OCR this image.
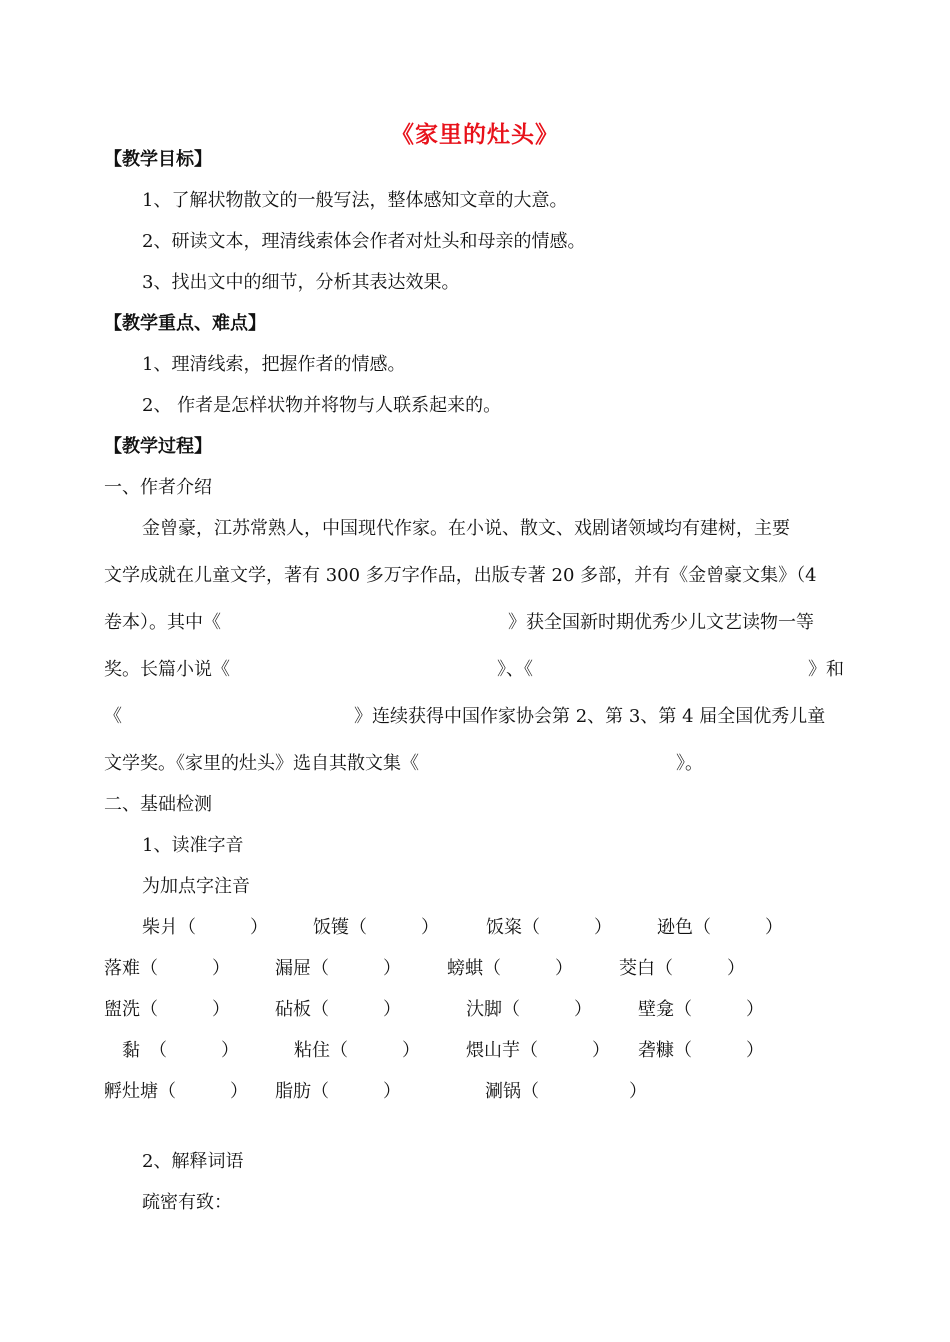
《家里的灶头》
【教学目标】
1、了解状物散文的一般写法，整体感知文章的大意。
2、研读文本，理清线索体会作者对灶头和母亲的情感。
3、找出文中的细节，分析其表达效果。
【教学重点、难点】
1、理清线索，把握作者的情感。
2、 作者是怎样状物并将物与人联系起来的。
【教学过程】
一、作者介绍
金曾豪，江苏常熟人，中国现代作家。在小说、散文、戏剧诸领域均有建树，主要
文学成就在儿童文学，著有 300 多万字作品，出版专著 20 多部，并有《金曾豪文集》（4
卷本）。其中《	》获全国新时期优秀少儿文艺读物一等
奖。长篇小说《	》、《	》和
《	》连续获得中国作家协会第 2、第 3、第 4 届全国优秀儿童
文学奖。《家里的灶头》选自其散文集《	》。
二、基础检测
1、读准字音
为加点字注音
柴爿（　　　）	饭镬（　　　）	饭粢（　　　）	逊色（　　　）
落难（　　　）	漏屉（　　　）	螃蜞（　　　）	茭白（　　　）
盥洗（　　　）	砧板（　　　）	汏脚（　　　）	壁龛（　　　）
黏　（　　　）	粘住（　　　）	煨山芋（　　　） 砻糠（　　　）
孵灶塘（　　　） 脂肪（　　　）	涮锅（　　　　　）
2、解释词语
疏密有致：
